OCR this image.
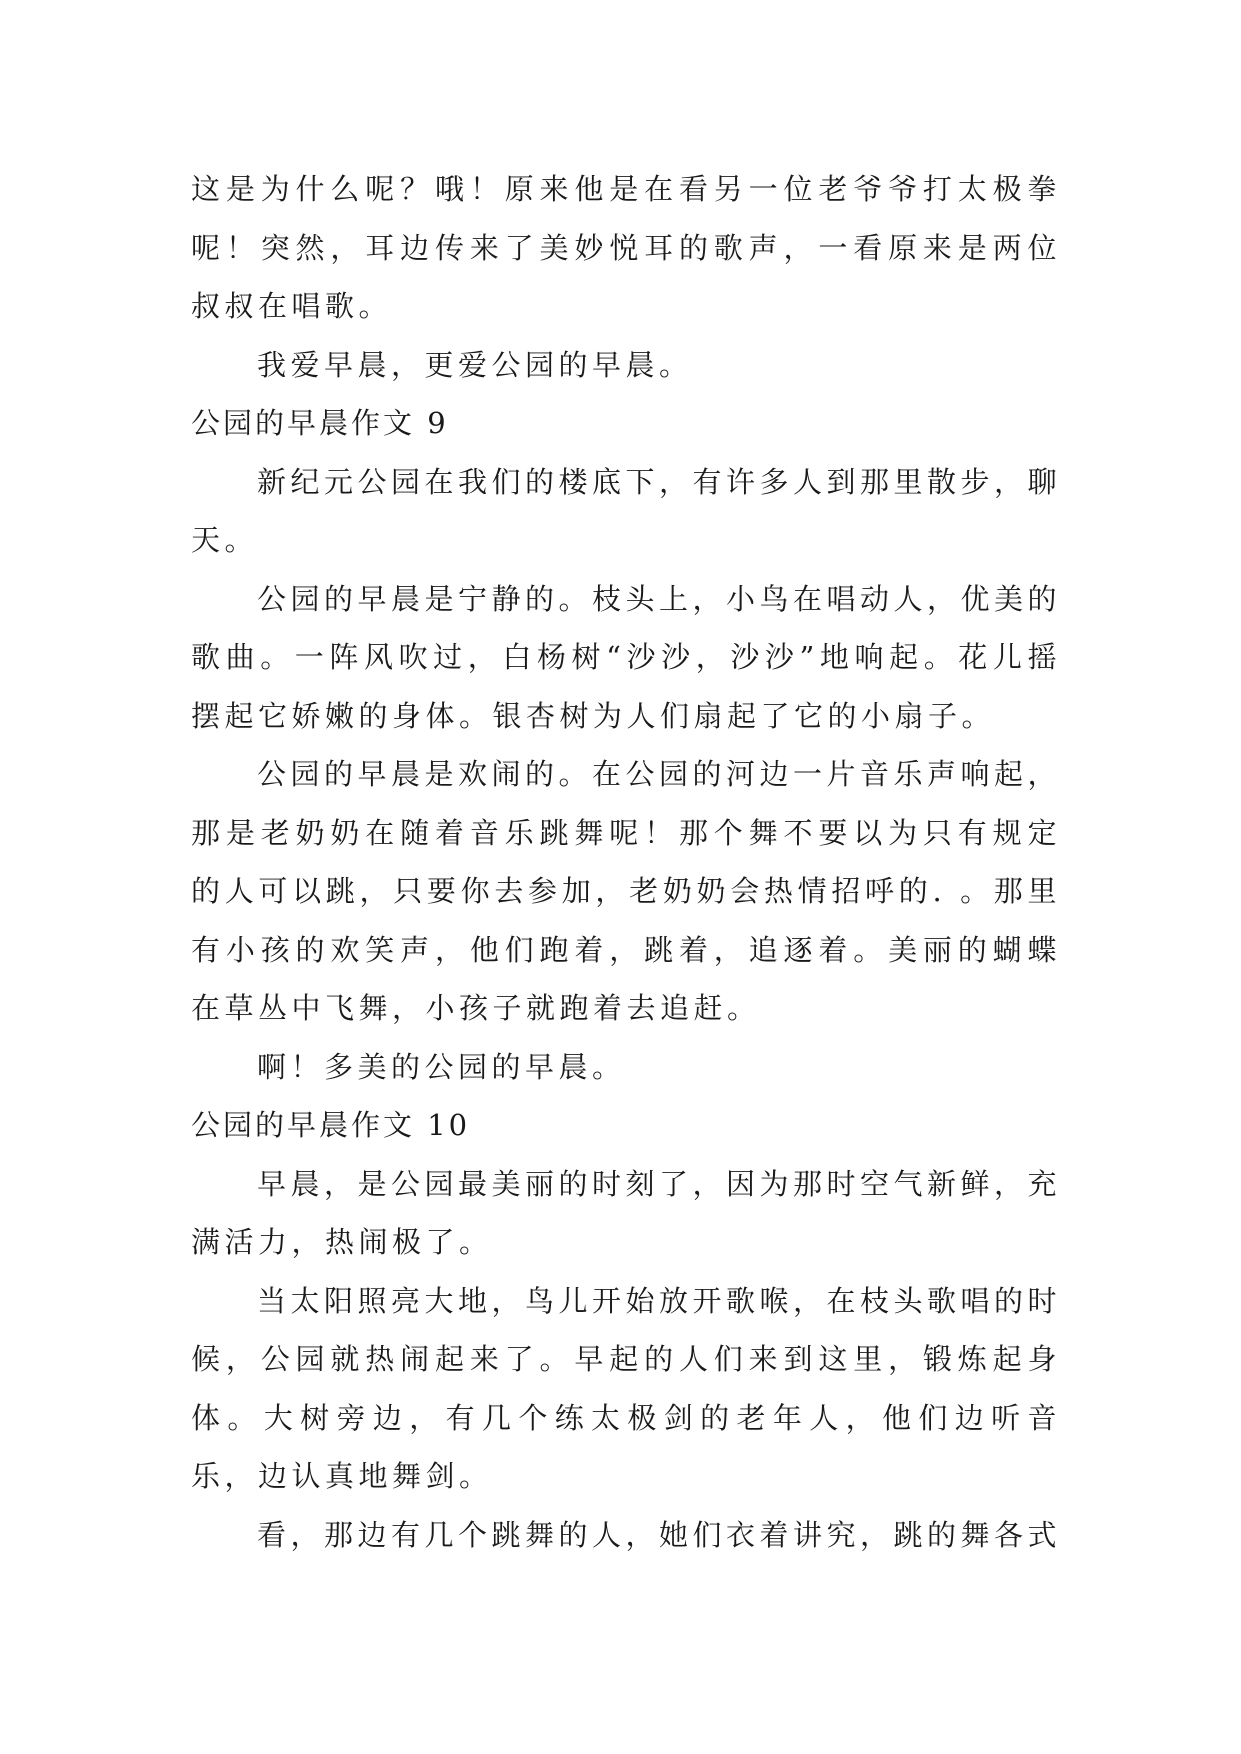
这是为什么呢？哦！原来他是在看另一位老爷爷打太极拳呢！突然，耳边传来了美妙悦耳的歌声，一看原来是两位叔叔在唱歌。

我爱早晨，更爱公园的早晨。

公园的早晨作文 9

新纪元公园在我们的楼底下，有许多人到那里散步，聊天。

公园的早晨是宁静的。枝头上，小鸟在唱动人，优美的歌曲。一阵风吹过，白杨树“沙沙，沙沙”地响起。花儿摇摆起它娇嫩的身体。银杏树为人们扇起了它的小扇子。

公园的早晨是欢闹的。在公园的河边一片音乐声响起，那是老奶奶在随着音乐跳舞呢！那个舞不要以为只有规定的人可以跳，只要你去参加，老奶奶会热情招呼的. 。那里有小孩的欢笑声，他们跑着，跳着，追逐着。美丽的蝴蝶在草丛中飞舞，小孩子就跑着去追赶。

啊！多美的公园的早晨。

公园的早晨作文 10

早晨，是公园最美丽的时刻了，因为那时空气新鲜，充满活力，热闹极了。

当太阳照亮大地，鸟儿开始放开歌喉，在枝头歌唱的时候，公园就热闹起来了。早起的人们来到这里，锻炼起身体。大树旁边，有几个练太极剑的老年人，他们边听音乐，边认真地舞剑。

看，那边有几个跳舞的人，她们衣着讲究，跳的舞各式
